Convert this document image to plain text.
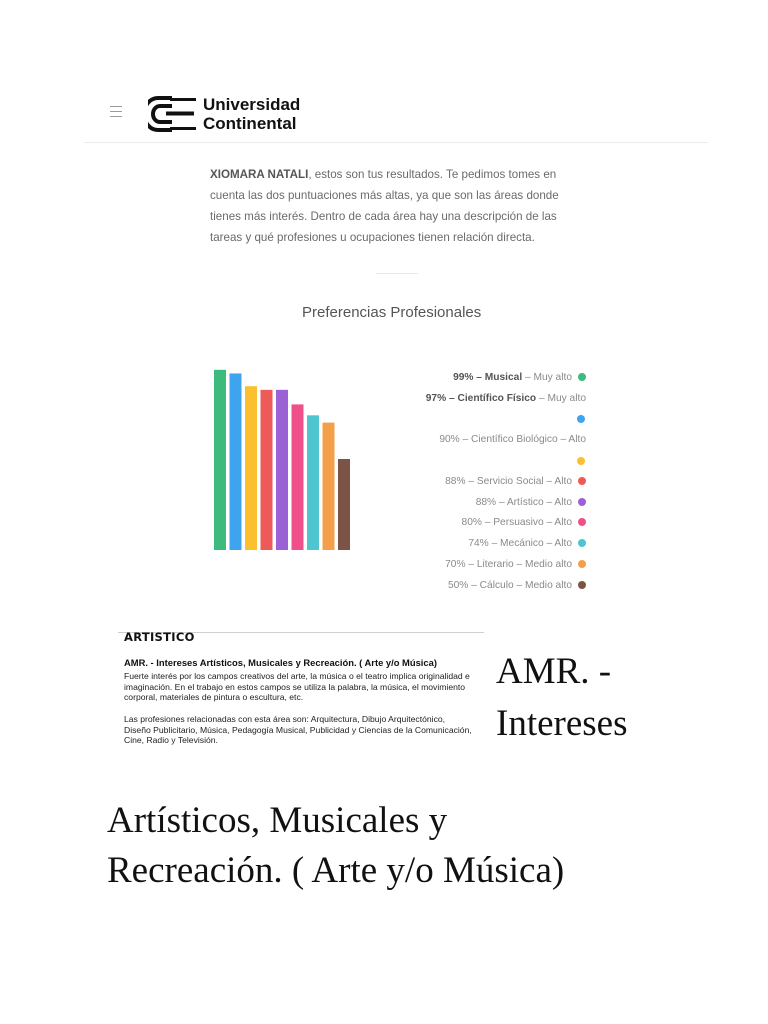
Universidad
Continental
XIOMARA NATALI, estos son tus resultados. Te pedimos tomes en cuenta las dos puntuaciones más altas, ya que son las áreas donde tienes más interés. Dentro de cada área hay una descripción de las tareas y qué profesiones u ocupaciones tienen relación directa.
Preferencias Profesionales
99% – Musical – Muy alto
97% – Científico Físico – Muy alto
90% – Científico Biológico – Alto
88% – Servicio Social – Alto
88% – Artístico – Alto
80% – Persuasivo – Alto
74% – Mecánico – Alto
70% – Literario – Medio alto
50% – Cálculo – Medio alto
ARTISTICO
AMR. - Intereses Artísticos, Musicales y Recreación. ( Arte y/o Música)
Fuerte interés por los campos creativos del arte, la música o el teatro implica originalidad e imaginación. En el trabajo en estos campos se utiliza la palabra, la música, el movimiento corporal, materiales de pintura o escultura, etc.
Las profesiones relacionadas con esta área son: Arquitectura, Dibujo Arquitectónico, Diseño Publicitario, Música, Pedagogía Musical, Publicidad y Ciencias de la Comunicación, Cine, Radio y Televisión.
AMR. -
Intereses
Artísticos, Musicales y
Recreación. ( Arte y/o Música)
